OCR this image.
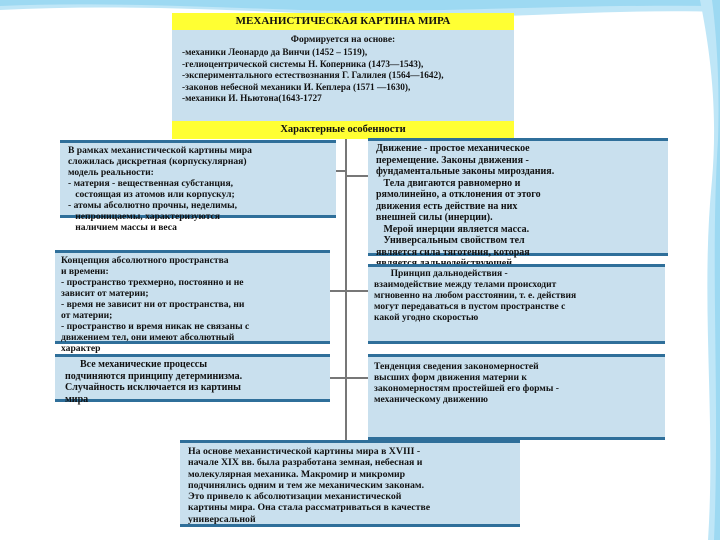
МЕХАНИСТИЧЕСКАЯ КАРТИНА МИРА
Формируется на основе:
-механики Леонардо да Винчи (1452 – 1519),
-гелиоцентрической системы Н. Коперника (1473—1543),
-экспериментального естествознания Г. Галилея (1564—1642),
-законов небесной механики И. Кеплера (1571 —1630),
-механики И. Ньютона(1643-1727
Характерные особенности
В рамках механистической картины мира
сложилась дискретная (корпускулярная)
модель реальности:
- материя - вещественная субстанция,
состоящая из атомов или корпускул;
- атомы абсолютно прочны, неделимы,
непроницаемы, характеризуются
наличием массы и веса
Концепция абсолютного пространства
и времени:
- пространство трехмерно, постоянно и не
зависит от материи;
- время не зависит ни от пространства, ни
от материи;
- пространство и время никак не связаны с
движением тел, они имеют абсолютный
характер
Все механические процессы
подчиняются принципу детерминизма.
Случайность исключается из картины
мира
Движение - простое механическое
перемещение. Законы движения -
фундаментальные законы мироздания.
Тела двигаются равномерно и
рямолинейно, а отклонения от этого
движения есть действие на них
внешней силы (инерции).
Мерой инерции является масса.
Универсальным свойством тел
является сила тяготения, которая
Принцип дальнодействия -
взаимодействие между телами происходит
мгновенно на любом расстоянии, т. е. действия
могут передаваться в пустом пространстве с
какой угодно скоростью
Тенденция сведения закономерностей
высших форм движения материи к
закономерностям простейшей его формы -
механическому движению
На основе механистической картины мира в XVIII -
начале XIX вв. была разработана земная, небесная и
молекулярная механика. Макромир и микромир
подчинялись одним и тем же механическим законам.
Это привело к абсолютизации механистической
картины мира. Она стала рассматриваться в качестве
универсальной
